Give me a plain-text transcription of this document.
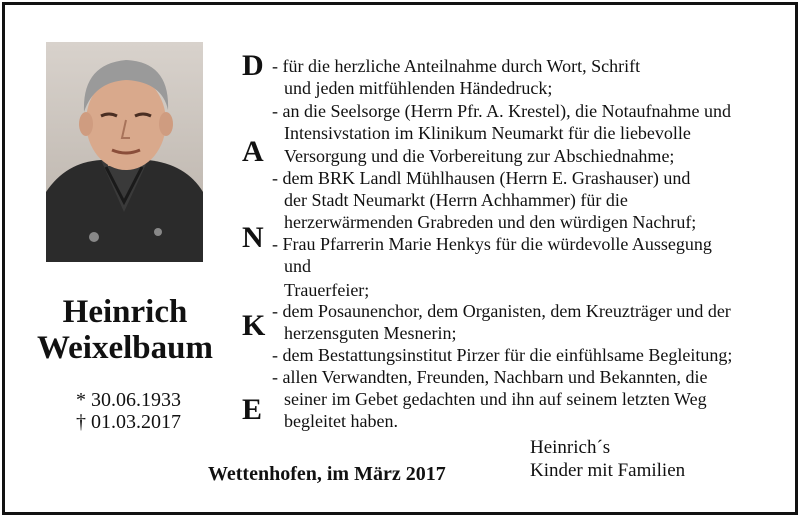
Heinrich
Weixelbaum
* 30.06.1933
† 01.03.2017
Wettenhofen, im März 2017
D
A
N
K
E
- für die herzliche Anteilnahme durch Wort, Schrift
und jeden mitfühlenden Händedruck;
- an die Seelsorge (Herrn Pfr. A. Krestel), die Notaufnahme und
Intensivstation im Klinikum Neumarkt für die liebevolle
Versorgung und die Vorbereitung zur Abschiednahme;
- dem BRK Landl Mühlhausen (Herrn E. Grashauser) und
der Stadt Neumarkt (Herrn Achhammer) für die
herzerwärmenden Grabreden und den würdigen Nachruf;
- Frau Pfarrerin Marie Henkys für die würdevolle Aussegung
und
Trauerfeier;
- dem Posaunenchor, dem Organisten, dem Kreuzträger und der
herzensguten Mesnerin;
- dem Bestattungsinstitut Pirzer für die einfühlsame Begleitung;
- allen Verwandten, Freunden, Nachbarn und Bekannten, die
seiner im Gebet gedachten und ihn auf seinem letzten Weg
begleitet haben.
Heinrich´s
Kinder mit Familien
